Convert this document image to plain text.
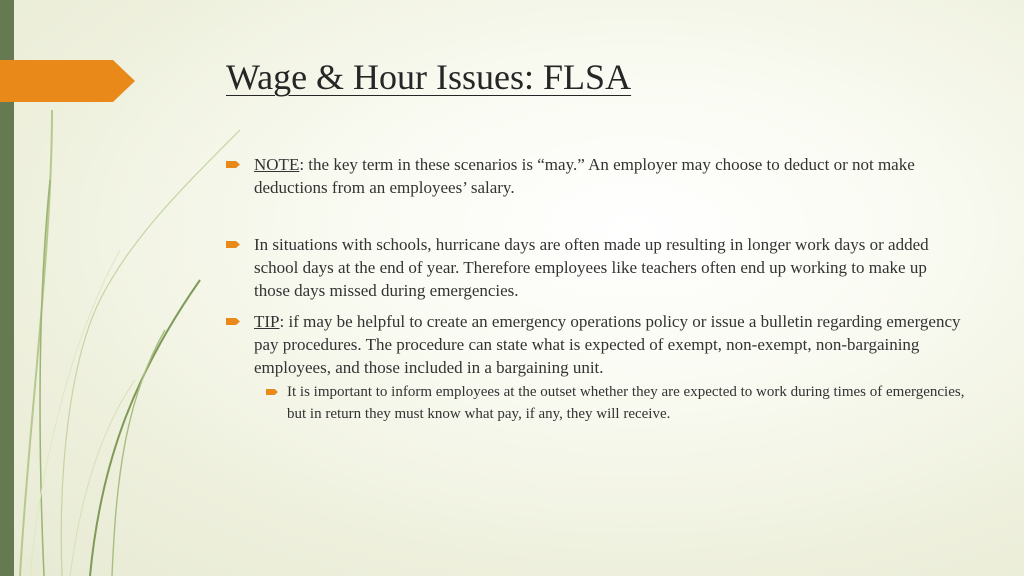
Wage & Hour Issues: FLSA
NOTE: the key term in these scenarios is “may.” An employer may choose to deduct or not make deductions from an employees’ salary.
In situations with schools, hurricane days are often made up resulting in longer work days or added school days at the end of year. Therefore employees like teachers often end up working to make up those days missed during emergencies.
TIP: if may be helpful to create an emergency operations policy or issue a bulletin regarding emergency pay procedures. The procedure can state what is expected of exempt, non-exempt, non-bargaining employees, and those included in a bargaining unit.
It is important to inform employees at the outset whether they are expected to work during times of emergencies, but in return they must know what pay, if any, they will receive.
